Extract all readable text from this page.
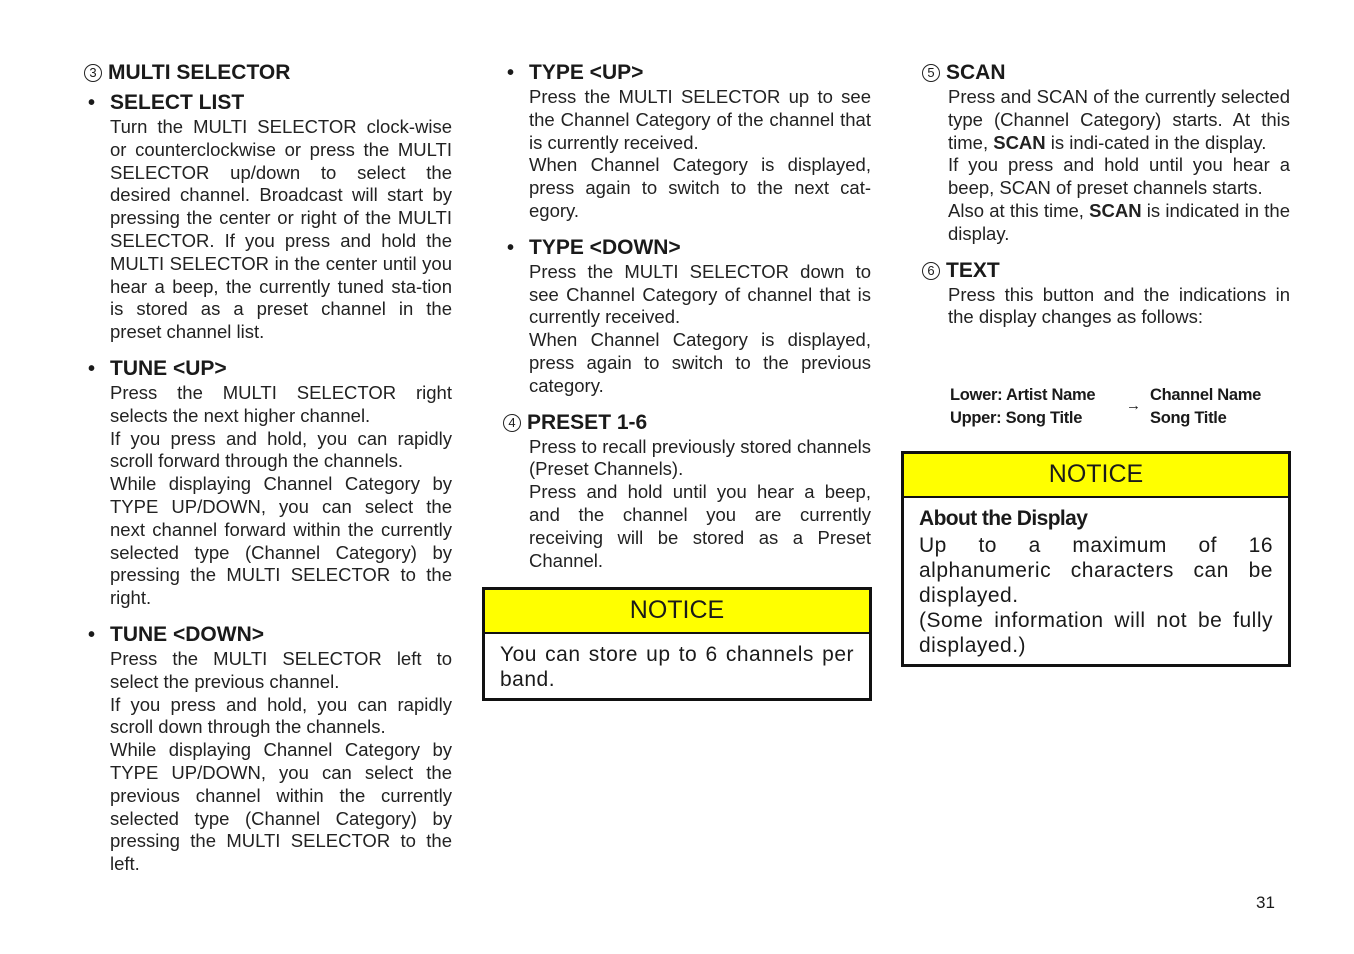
3 MULTI SELECTOR
• SELECT LIST

Turn the MULTI SELECTOR clock-wise or counterclockwise or press the MULTI SELECTOR up/down to select the desired channel. Broadcast will start by pressing the center or right of the MULTI SELECTOR. If you press and hold the MULTI SELECTOR in the center until you hear a beep, the currently tuned sta-tion is stored as a preset channel in the preset channel list.

• TUNE <UP>

Press the MULTI SELECTOR right selects the next higher channel.

If you press and hold, you can rapidly scroll forward through the channels.

While displaying Channel Category by TYPE UP/DOWN, you can select the next channel forward within the currently selected type (Channel Category) by pressing the MULTI SELECTOR to the right.

• TUNE <DOWN>

Press the MULTI SELECTOR left to select the previous channel.

If you press and hold, you can rapidly scroll down through the channels.

While displaying Channel Category by TYPE UP/DOWN, you can select the previous channel within the currently selected type (Channel Category) by pressing the MULTI SELECTOR to the left.

• TYPE <UP>

Press the MULTI SELECTOR up to see the Channel Category of the channel that is currently received.

When Channel Category is displayed, press again to switch to the next cat-egory.

• TYPE <DOWN>

Press the MULTI SELECTOR down to see Channel Category of channel that is currently received.

When Channel Category is displayed, press again to switch to the previous category.

4 PRESET 1-6

Press to recall previously stored channels (Preset Channels).

Press and hold until you hear a beep, and the channel you are currently receiving will be stored as a Preset Channel.

NOTICE

You can store up to 6 channels per band.

5 SCAN

Press and SCAN of the currently selected type (Channel Category) starts. At this time, SCAN is indi-cated in the display.

If you press and hold until you hear a beep, SCAN of preset channels starts.

Also at this time, SCAN is indicated in the display.

6 TEXT

Press this button and the indications in the display changes as follows:

Lower: Artist Name
Upper: Song Title
→
Channel Name
Song Title
NOTICE
About the Display

Up to a maximum of 16 alphanumeric characters can be displayed.

(Some information will not be fully displayed.)

31
